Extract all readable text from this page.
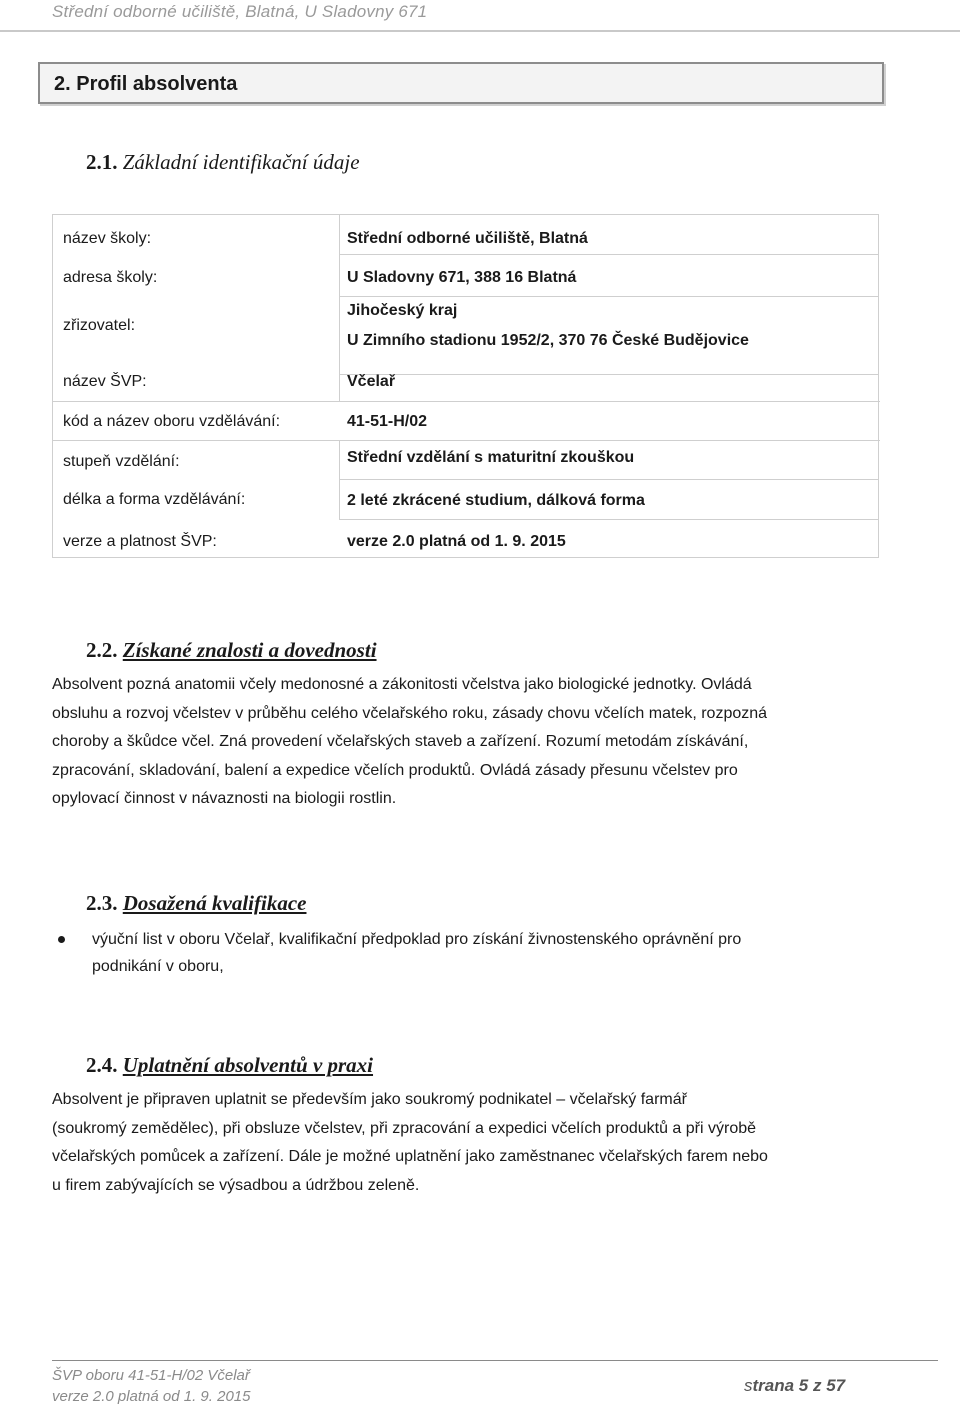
Střední odborné učiliště, Blatná, U Sladovny 671
2. Profil absolventa
2.1. Základní identifikační údaje
název školy:	Střední odborné učiliště, Blatná
adresa školy:	U Sladovny 671, 388 16 Blatná
zřizovatel:
Jihočeský kraj
U Zimního stadionu 1952/2, 370 76 České Budějovice
název ŠVP:	Včelař
kód a název oboru vzdělávání:	41-51-H/02
stupeň vzdělání:	Střední vzdělání s maturitní zkouškou
délka a forma vzdělávání:	2 leté zkrácené studium, dálková forma
verze a platnost ŠVP:	verze 2.0 platná od 1. 9. 2015
2.2. Získané znalosti a dovednosti
Absolvent pozná anatomii včely medonosné a zákonitosti včelstva jako biologické jednotky. Ovládá
obsluhu a rozvoj včelstev v průběhu celého včelařského roku, zásady chovu včelích matek, rozpozná
choroby a škůdce včel. Zná provedení včelařských staveb a zařízení. Rozumí metodám získávání,
zpracování, skladování, balení a expedice včelích produktů. Ovládá zásady přesunu včelstev pro
opylovací činnost v návaznosti na biologii rostlin.
2.3. Dosažená kvalifikace
výuční list v oboru Včelař, kvalifikační předpoklad pro získání živnostenského oprávnění pro
podnikání v oboru,
2.4. Uplatnění absolventů v praxi
Absolvent je připraven uplatnit se především jako soukromý podnikatel – včelařský farmář
(soukromý zemědělec), při obsluze včelstev, při zpracování a expedici včelích produktů a při výrobě
včelařských pomůcek a zařízení. Dále je možné uplatnění jako zaměstnanec včelařských farem nebo
u firem zabývajících se výsadbou a údržbou zeleně.
ŠVP oboru 41-51-H/02 Včelař
verze 2.0 platná od 1. 9. 2015
strana 5 z 57
